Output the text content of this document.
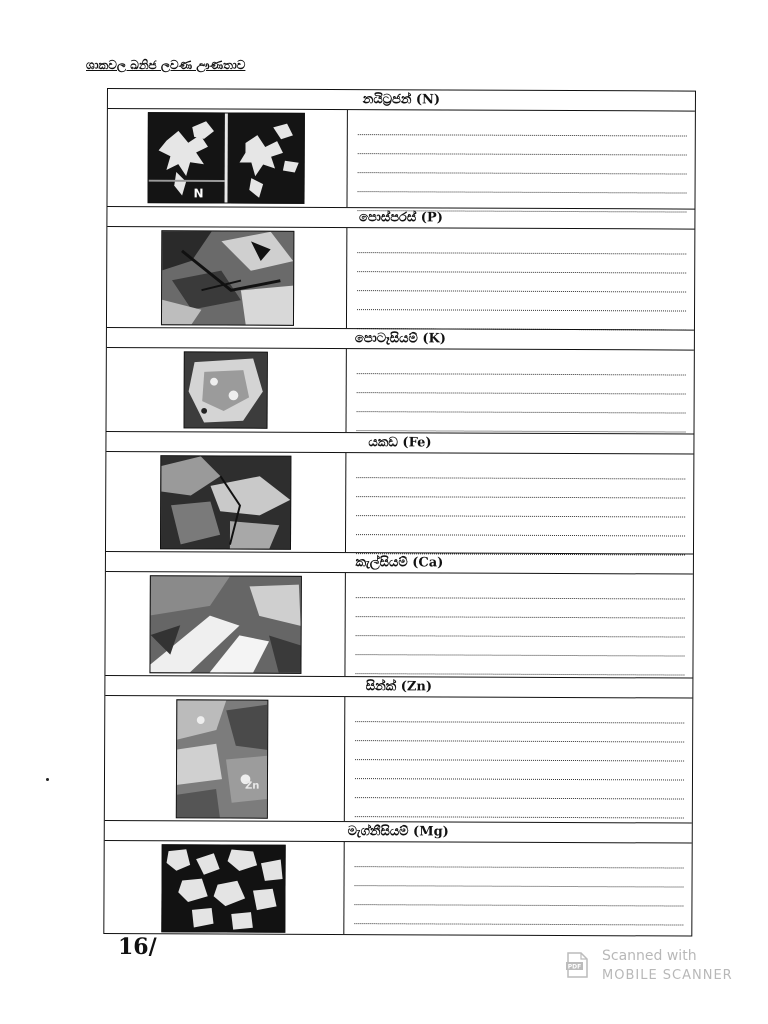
ශාකවල ඛනිජ ලවණ ඌණතාව
නයිට්‍රජන් (N)
N
පොස්පරස් (P)
පොටෑසියම් (K)
යකඩ (Fe)
කැල්සියම් (Ca)
සින්ක් (Zn)
Zn
මැග්නීසියම් (Mg)
16/
PDF
Scanned with
MOBILE SCANNER
